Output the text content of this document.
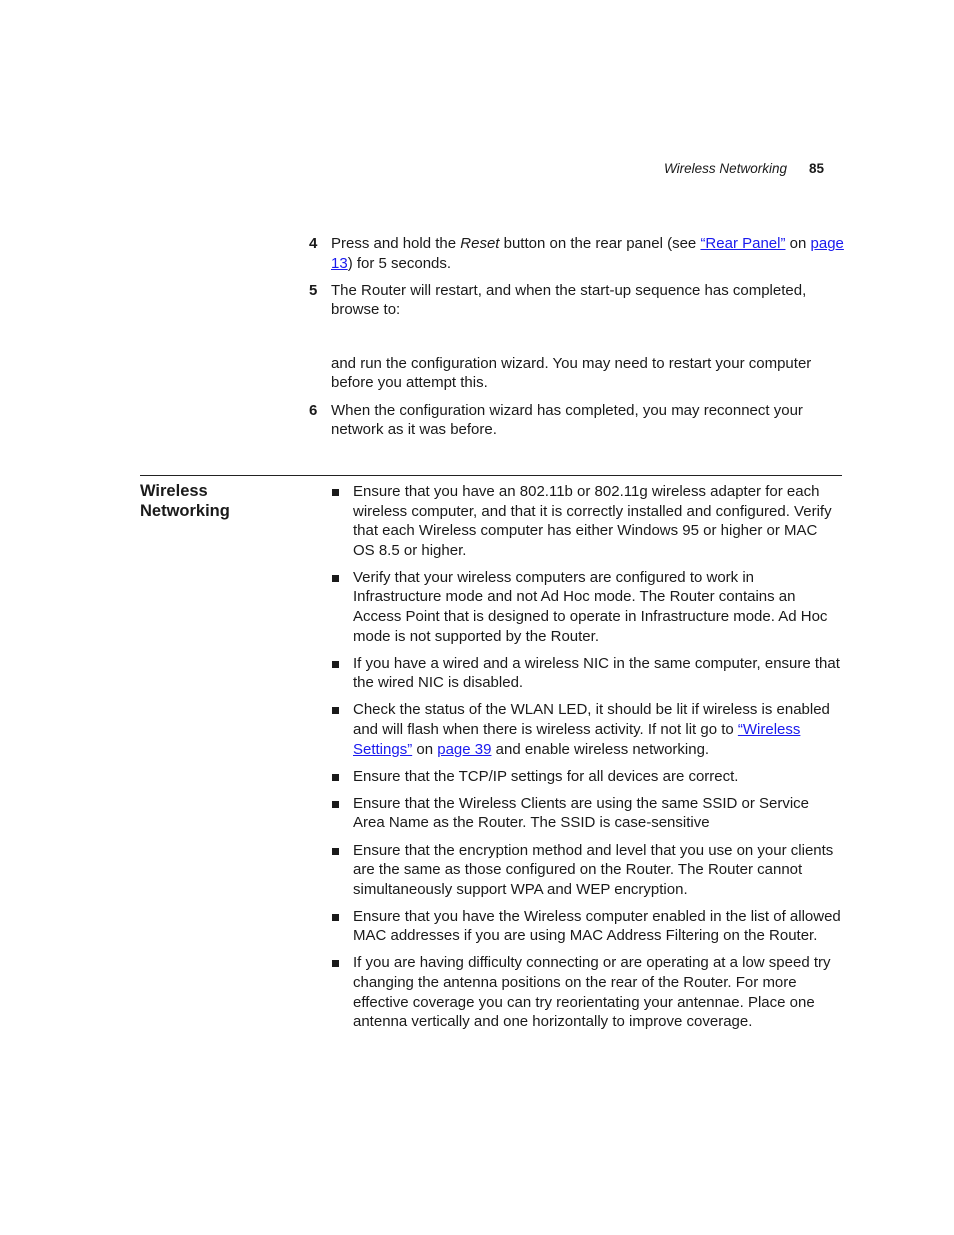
Wireless Networking 85
4 Press and hold the Reset button on the rear panel (see “Rear Panel” on page 13) for 5 seconds.

5 The Router will restart, and when the start-up sequence has completed, browse to:

and run the configuration wizard. You may need to restart your computer before you attempt this.

6 When the configuration wizard has completed, you may reconnect your network as it was before.

Wireless Networking
Ensure that you have an 802.11b or 802.11g wireless adapter for each wireless computer, and that it is correctly installed and configured. Verify that each Wireless computer has either Windows 95 or higher or MAC OS 8.5 or higher.
Verify that your wireless computers are configured to work in Infrastructure mode and not Ad Hoc mode. The Router contains an Access Point that is designed to operate in Infrastructure mode. Ad Hoc mode is not supported by the Router.
If you have a wired and a wireless NIC in the same computer, ensure that the wired NIC is disabled.
Check the status of the WLAN LED, it should be lit if wireless is enabled and will flash when there is wireless activity. If not lit go to “Wireless Settings” on page 39 and enable wireless networking.
Ensure that the TCP/IP settings for all devices are correct.
Ensure that the Wireless Clients are using the same SSID or Service Area Name as the Router. The SSID is case-sensitive
Ensure that the encryption method and level that you use on your clients are the same as those configured on the Router. The Router cannot simultaneously support WPA and WEP encryption.
Ensure that you have the Wireless computer enabled in the list of allowed MAC addresses if you are using MAC Address Filtering on the Router.
If you are having difficulty connecting or are operating at a low speed try changing the antenna positions on the rear of the Router. For more effective coverage you can try reorientating your antennae. Place one antenna vertically and one horizontally to improve coverage.
